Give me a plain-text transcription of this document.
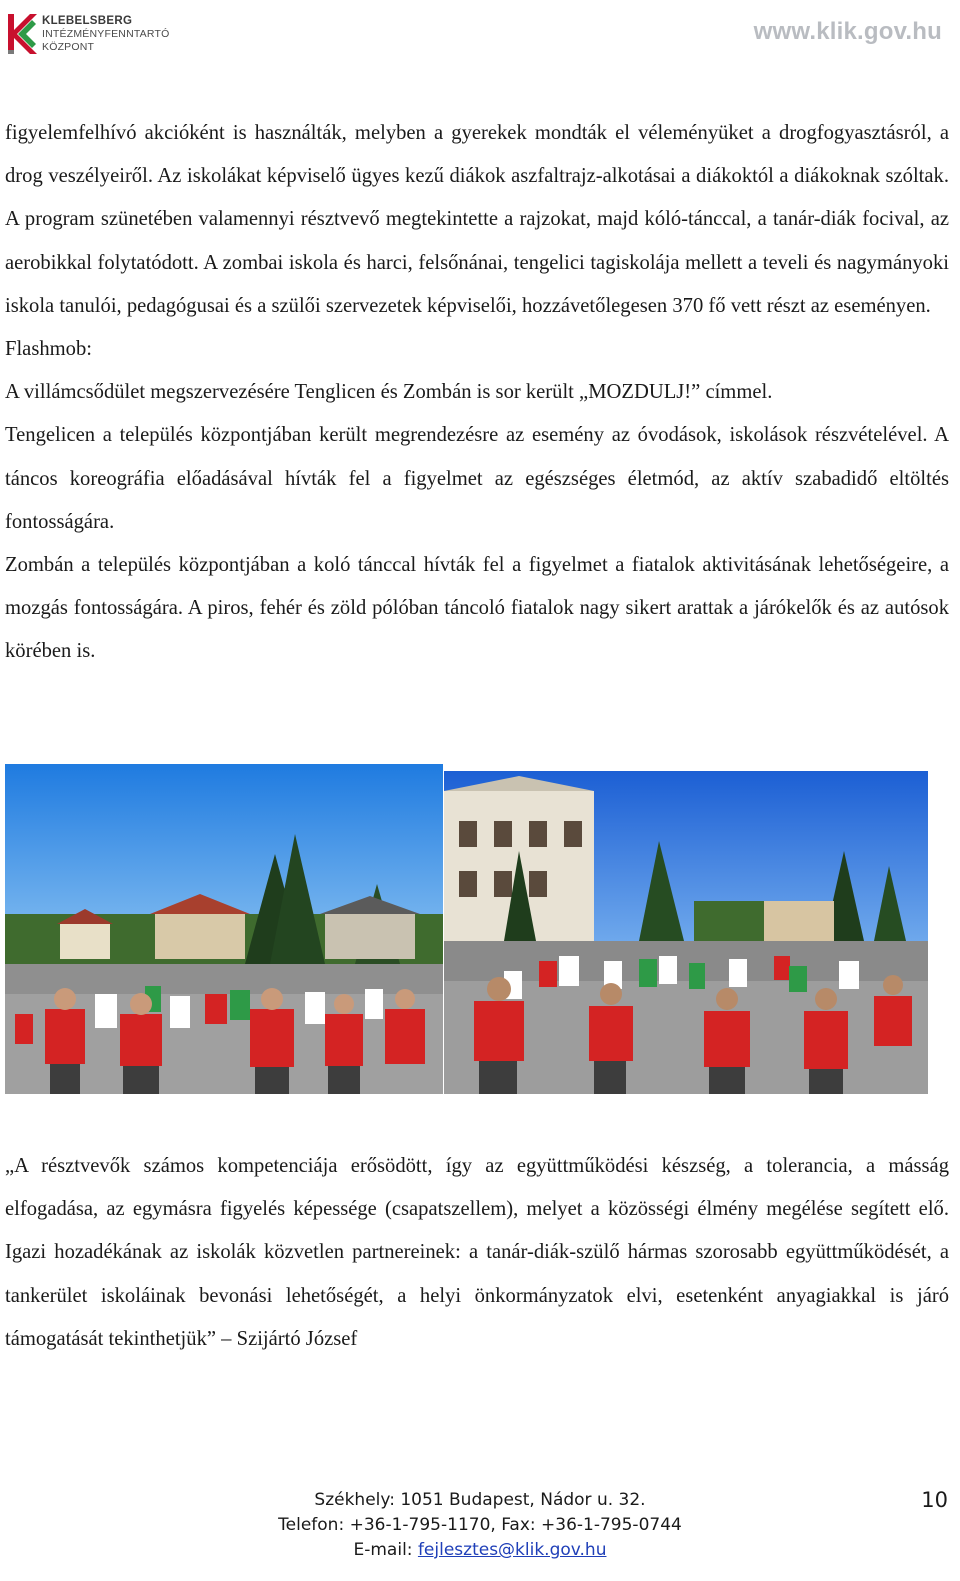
KLEBELSBERG
INTÉZMÉNYFENNTARTÓ
KÖZPONT
www.klik.gov.hu

figyelemfelhívó akcióként is használták, melyben a gyerekek mondták el véleményüket a drogfogyasztásról, a drog veszélyeiről. Az iskolákat képviselő ügyes kezű diákok aszfaltrajz-alkotásai a diákoktól a diákoknak szóltak. A program szünetében valamennyi résztvevő megtekintette a rajzokat, majd kóló-tánccal, a tanár-diák focival, az aerobikkal folytatódott. A zombai iskola és harci, felsőnánai, tengelici tagiskolája mellett a teveli és nagymányoki iskola tanulói, pedagógusai és a szülői szervezetek képviselői, hozzávetőlegesen 370 fő vett részt az eseményen.

Flashmob:

A villámcsődület megszervezésére Tenglicen és Zombán is sor került „MOZDULJ!” címmel.

Tengelicen a település központjában került megrendezésre az esemény az óvodások, iskolások részvételével. A táncos koreográfia előadásával hívták fel a figyelmet az egészséges életmód, az aktív szabadidő eltöltés fontosságára.

Zombán a település központjában a koló tánccal hívták fel a figyelmet a fiatalok aktivitásának lehetőségeire, a mozgás fontosságára. A piros, fehér és zöld pólóban táncoló fiatalok nagy sikert arattak a járókelők és az autósok körében is.

„A résztvevők számos kompetenciája erősödött, így az együttműködési készség, a tolerancia, a másság elfogadása, az egymásra figyelés képessége (csapatszellem), melyet a közösségi élmény megélése segített elő. Igazi hozadékának az iskolák közvetlen partnereinek: a tanár-diák-szülő hármas szorosabb együttműködését, a tankerület iskoláinak bevonási lehetőségét, a helyi önkormányzatok elvi, esetenként anyagiakkal is járó támogatását tekinthetjük” – Szijártó József

Székhely: 1051 Budapest, Nádor u. 32.
Telefon: +36-1-795-1170, Fax: +36-1-795-0744
E-mail: fejlesztes@klik.gov.hu
10
